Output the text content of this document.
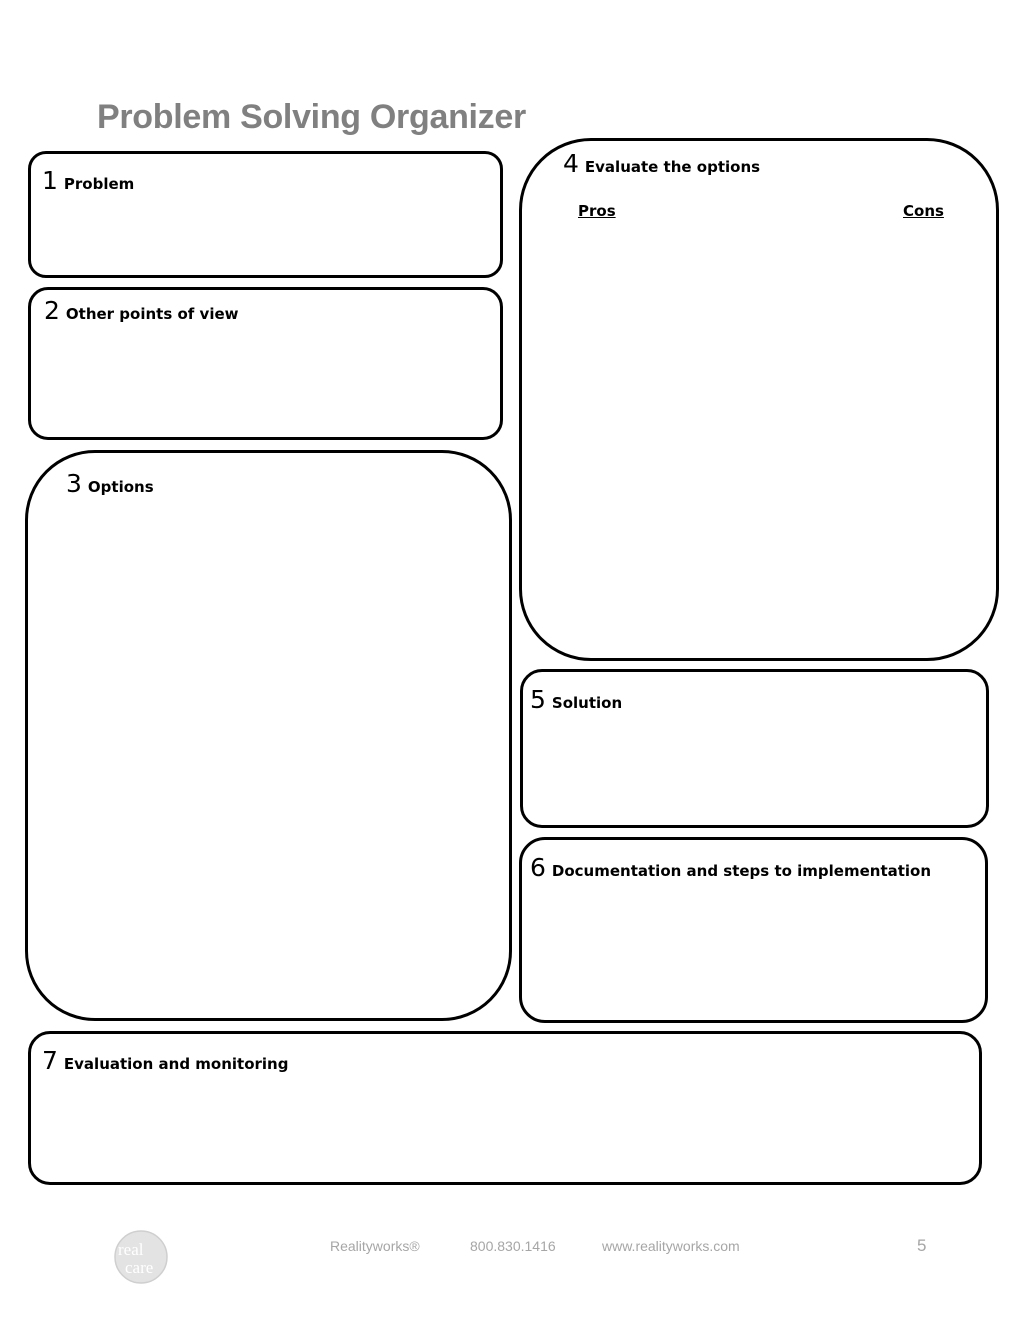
Problem Solving Organizer
1 Problem
2 Other points of view
3 Options
4 Evaluate the options
Pros	Cons
5 Solution
6 Documentation and steps to implementation
7 Evaluation and monitoring
real
care
Realityworks®	800.830.1416	www.realityworks.com	5
